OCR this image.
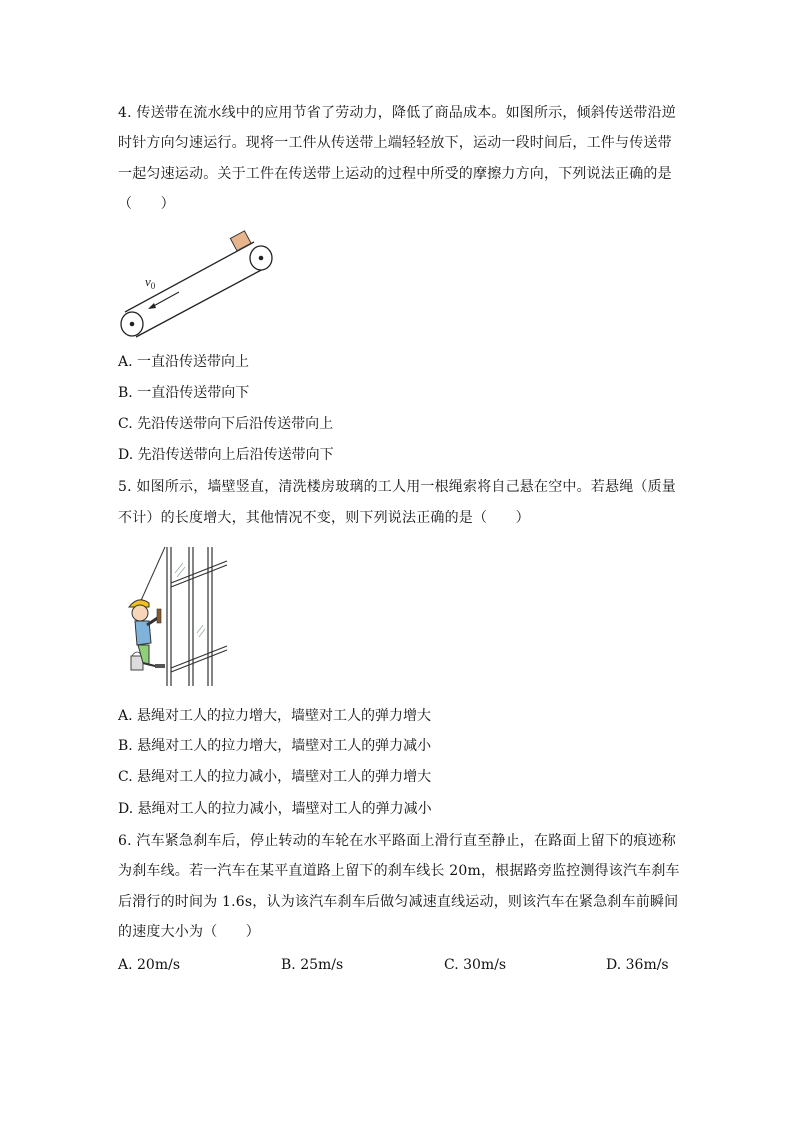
4. 传送带在流水线中的应用节省了劳动力，降低了商品成本。如图所示，倾斜传送带沿逆
时针方向匀速运行。现将一工件从传送带上端轻轻放下，运动一段时间后，工件与传送带
一起匀速运动。关于工件在传送带上运动的过程中所受的摩擦力方向，下列说法正确的是
（　　）
$v_0$
A. 一直沿传送带向上
B. 一直沿传送带向下
C. 先沿传送带向下后沿传送带向上
D. 先沿传送带向上后沿传送带向下
5. 如图所示，墙壁竖直，清洗楼房玻璃的工人用一根绳索将自己悬在空中。若悬绳（质量
不计）的长度增大，其他情况不变，则下列说法正确的是（　　）
A. 悬绳对工人的拉力增大，墙壁对工人的弹力增大
B. 悬绳对工人的拉力增大，墙壁对工人的弹力减小
C. 悬绳对工人的拉力减小，墙壁对工人的弹力增大
D. 悬绳对工人的拉力减小，墙壁对工人的弹力减小
6. 汽车紧急刹车后，停止转动的车轮在水平路面上滑行直至静止，在路面上留下的痕迹称
为刹车线。若一汽车在某平直道路上留下的刹车线长 20m，根据路旁监控测得该汽车刹车
后滑行的时间为 1.6s，认为该汽车刹车后做匀减速直线运动，则该汽车在紧急刹车前瞬间
的速度大小为（　　）
A. 20m/s	B. 25m/s	C. 30m/s	D. 36m/s
